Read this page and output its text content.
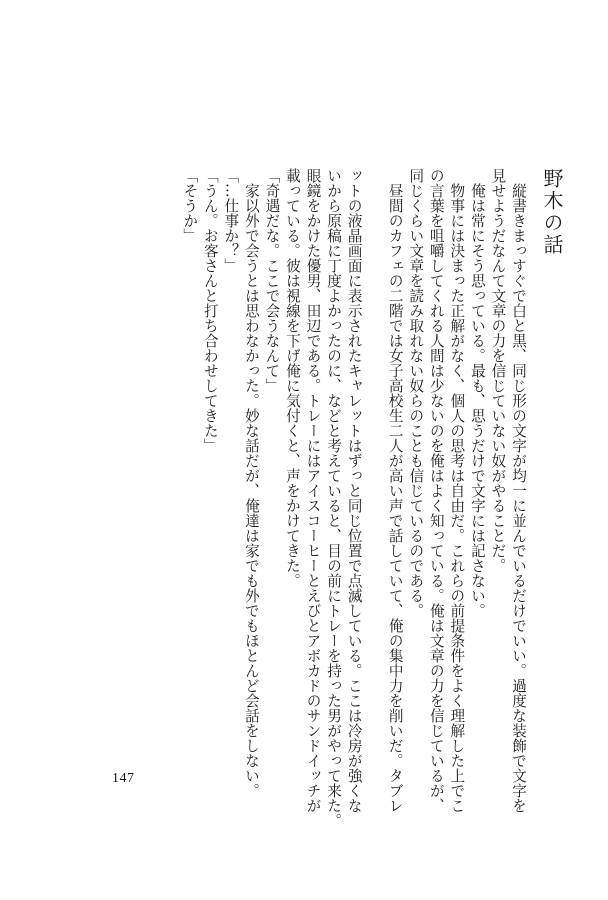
野木の話

縦書きまっすぐで白と黒、同じ形の文字が均一に並んでいるだけでいい。過度な装飾で文字を

見せようだなんて文章の力を信じていない奴がやることだ。

俺は常にそう思っている。最も、思うだけで文字には記さない。

物事には決まった正解がなく、個人の思考は自由だ。これらの前提条件をよく理解した上でこ

の言葉を咀嚼してくれる人間は少ないのを俺はよく知っている。俺は文章の力を信じているが、

同じくらい文章を読み取れない奴らのことも信じているのである。

昼間のカフェの二階では女子高校生二人が高い声で話していて、俺の集中力を削いだ。タブレ

ットの液晶画面に表示されたキャレットはずっと同じ位置で点滅している。ここは冷房が強くな

いから原稿に丁度よかったのに、などと考えていると、目の前にトレーを持った男がやって来た。

眼鏡をかけた優男、田辺である。トレーにはアイスコーヒーとえびとアボカドのサンドイッチが

載っている。彼は視線を下げ俺に気付くと、声をかけてきた。

「奇遇だな。ここで会うなんて」

家以外で会うとは思わなかった。妙な話だが、俺達は家でも外でもほとんど会話をしない。

「…仕事か？」

「うん。お客さんと打ち合わせしてきた」

「そうか」

147
